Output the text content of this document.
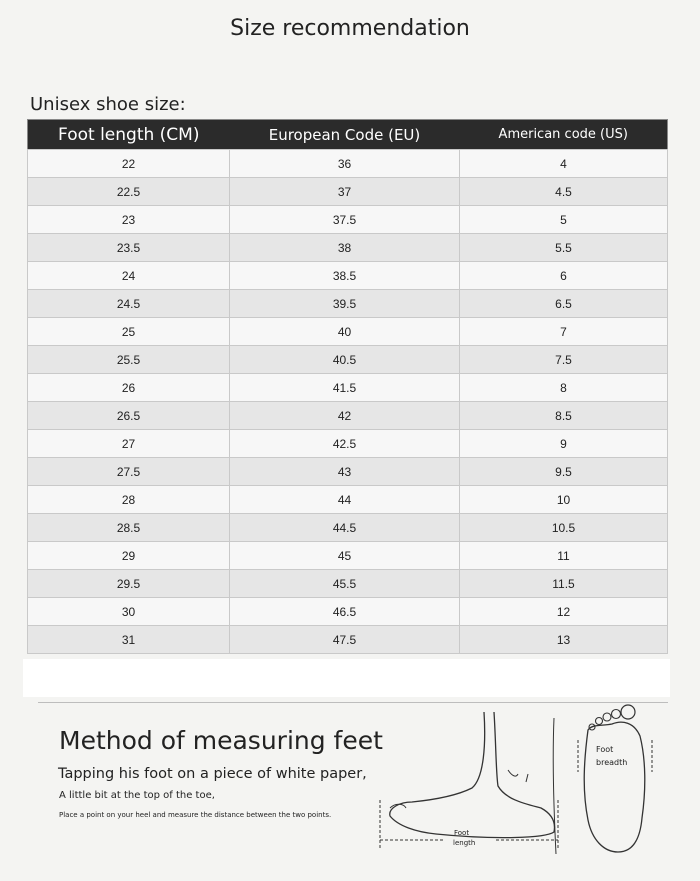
Size recommendation
Unisex shoe size:
Foot length (CM)	European Code (EU)	American code (US)
22	36	4
22.5	37	4.5
23	37.5	5
23.5	38	5.5
24	38.5	6
24.5	39.5	6.5
25	40	7
25.5	40.5	7.5
26	41.5	8
26.5	42	8.5
27	42.5	9
27.5	43	9.5
28	44	10
28.5	44.5	10.5
29	45	11
29.5	45.5	11.5
30	46.5	12
31	47.5	13
Method of measuring feet
Tapping his foot on a piece of white paper,
A little bit at the top of the toe,
Place a point on your heel and measure the distance between the two points.
Foot
length
Foot
breadth
